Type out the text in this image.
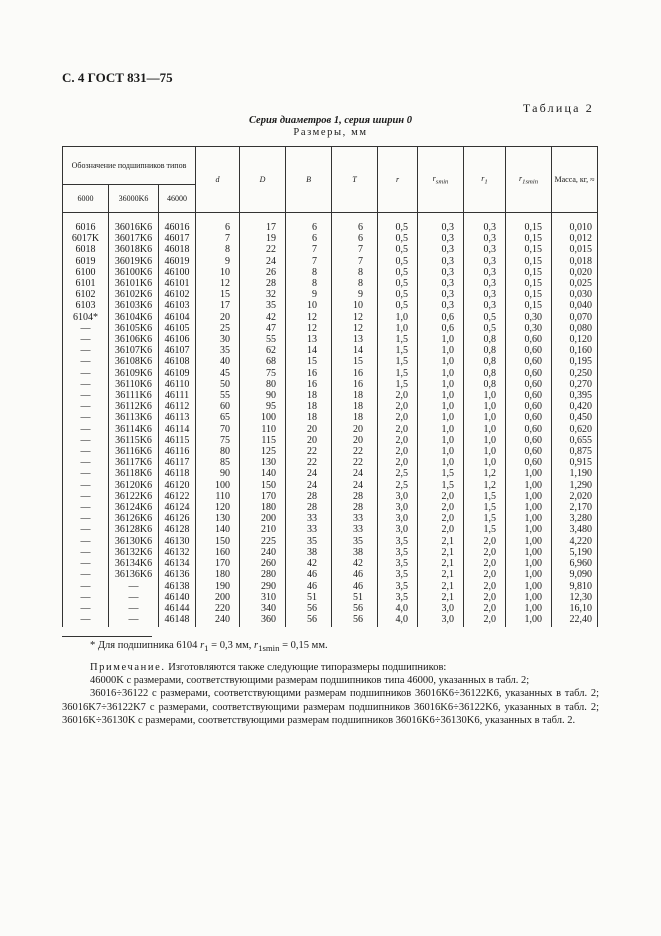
С. 4 ГОСТ 831—75
Таблица 2
Серия диаметров 1, серия ширин 0
Размеры, мм
Обозначение подшипников типов			d	D	B	T	r	$r_{smin}$	$r_1$	$r_{1smin}$	Масса, кг, ≈
6000	36000K6	46000									
6016	36016K6	46016	6	17	6	6	0,5	0,3	0,3	0,15	0,010
6017K	36017K6	46017	7	19	6	6	0,5	0,3	0,3	0,15	0,012
6018	36018K6	46018	8	22	7	7	0,5	0,3	0,3	0,15	0,015
6019	36019K6	46019	9	24	7	7	0,5	0,3	0,3	0,15	0,018
6100	36100K6	46100	10	26	8	8	0,5	0,3	0,3	0,15	0,020
6101	36101K6	46101	12	28	8	8	0,5	0,3	0,3	0,15	0,025
6102	36102K6	46102	15	32	9	9	0,5	0,3	0,3	0,15	0,030
6103	36103K6	46103	17	35	10	10	0,5	0,3	0,3	0,15	0,040
6104*	36104K6	46104	20	42	12	12	1,0	0,6	0,5	0,30	0,070
—	36105K6	46105	25	47	12	12	1,0	0,6	0,5	0,30	0,080
—	36106K6	46106	30	55	13	13	1,5	1,0	0,8	0,60	0,120
—	36107K6	46107	35	62	14	14	1,5	1,0	0,8	0,60	0,160
—	36108K6	46108	40	68	15	15	1,5	1,0	0,8	0,60	0,195
—	36109K6	46109	45	75	16	16	1,5	1,0	0,8	0,60	0,250
—	36110K6	46110	50	80	16	16	1,5	1,0	0,8	0,60	0,270
—	36111K6	46111	55	90	18	18	2,0	1,0	1,0	0,60	0,395
—	36112K6	46112	60	95	18	18	2,0	1,0	1,0	0,60	0,420
—	36113K6	46113	65	100	18	18	2,0	1,0	1,0	0,60	0,450
—	36114K6	46114	70	110	20	20	2,0	1,0	1,0	0,60	0,620
—	36115K6	46115	75	115	20	20	2,0	1,0	1,0	0,60	0,655
—	36116K6	46116	80	125	22	22	2,0	1,0	1,0	0,60	0,875
—	36117K6	46117	85	130	22	22	2,0	1,0	1,0	0,60	0,915
—	36118K6	46118	90	140	24	24	2,5	1,5	1,2	1,00	1,190
—	36120K6	46120	100	150	24	24	2,5	1,5	1,2	1,00	1,290
—	36122K6	46122	110	170	28	28	3,0	2,0	1,5	1,00	2,020
—	36124K6	46124	120	180	28	28	3,0	2,0	1,5	1,00	2,170
—	36126K6	46126	130	200	33	33	3,0	2,0	1,5	1,00	3,280
—	36128K6	46128	140	210	33	33	3,0	2,0	1,5	1,00	3,480
—	36130K6	46130	150	225	35	35	3,5	2,1	2,0	1,00	4,220
—	36132K6	46132	160	240	38	38	3,5	2,1	2,0	1,00	5,190
—	36134K6	46134	170	260	42	42	3,5	2,1	2,0	1,00	6,960
—	36136K6	46136	180	280	46	46	3,5	2,1	2,0	1,00	9,090
—	—	46138	190	290	46	46	3,5	2,1	2,0	1,00	9,810
—	—	46140	200	310	51	51	3,5	2,1	2,0	1,00	12,30
—	—	46144	220	340	56	56	4,0	3,0	2,0	1,00	16,10
—	—	46148	240	360	56	56	4,0	3,0	2,0	1,00	22,40
* Для подшипника 6104 $r_1 = 0,3$ мм, $r_{1smin} = 0,15$ мм.

Примечание. Изготовляются также следующие типоразмеры подшипников:

46000K с размерами, соответствующими размерам подшипников типа 46000, указанных в табл. 2;

36016÷36122 с размерами, соответствующими размерам подшипников 36016K6÷36122K6, указанных в табл. 2; 36016K7÷36122K7 с размерами, соответствующими размерам подшипников 36016K6÷36122K6, указанных в табл. 2; 36016K÷36130K с размерами, соответствующими размерам подшипников 36016K6÷36130K6, указанных в табл. 2.
